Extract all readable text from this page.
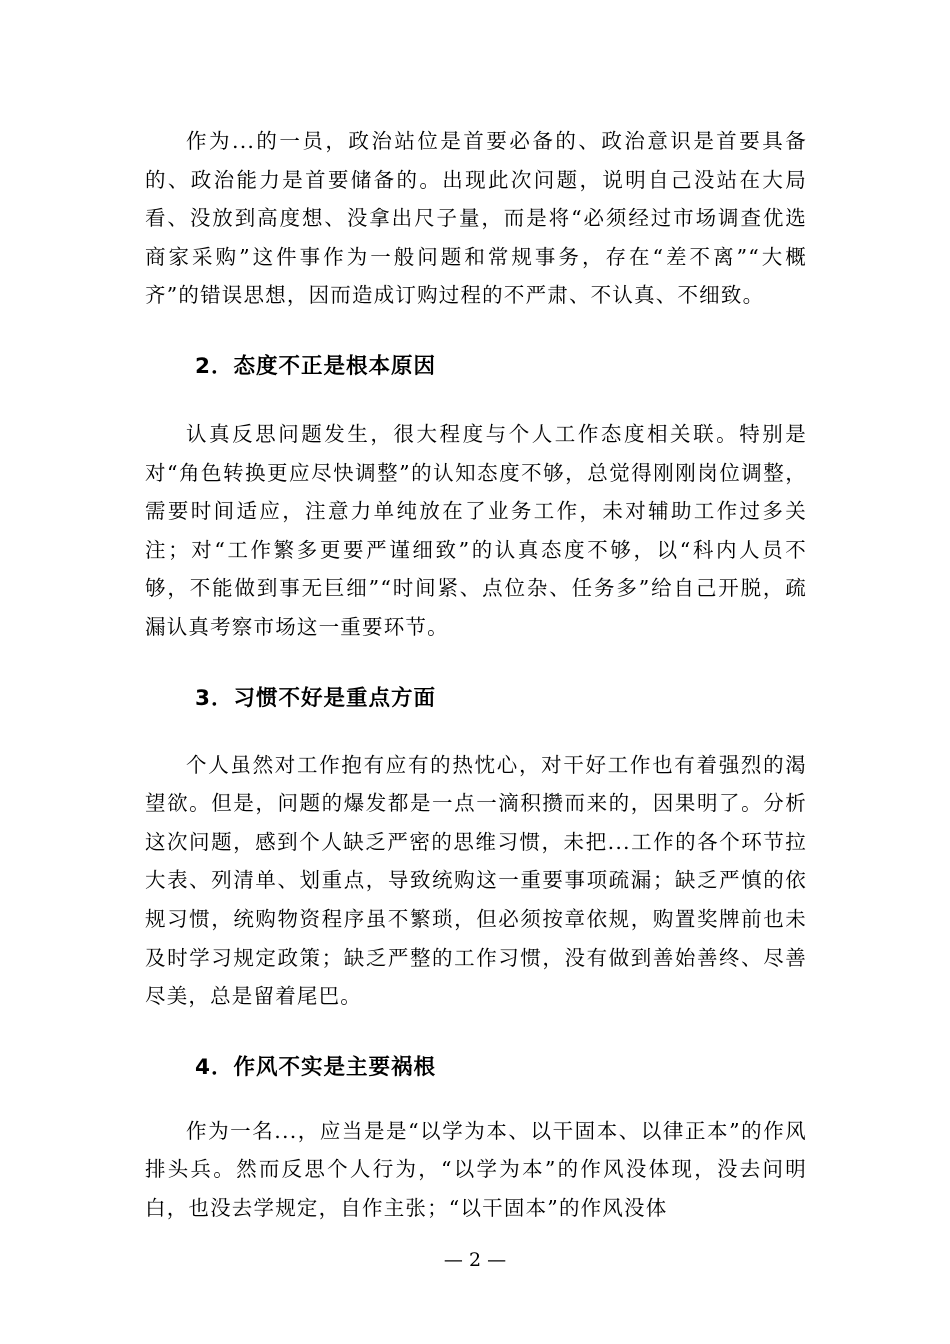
作为...的一员，政治站位是首要必备的、政治意识是首要具备的、政治能力是首要储备的。出现此次问题，说明自己没站在大局看、没放到高度想、没拿出尺子量，而是将“必须经过市场调查优选商家采购”这件事作为一般问题和常规事务，存在“差不离”“大概齐”的错误思想，因而造成订购过程的不严肃、不认真、不细致。

2．态度不正是根本原因

认真反思问题发生，很大程度与个人工作态度相关联。特别是对“角色转换更应尽快调整”的认知态度不够，总觉得刚刚岗位调整，需要时间适应，注意力单纯放在了业务工作，未对辅助工作过多关注；对“工作繁多更要严谨细致”的认真态度不够，以“科内人员不够，不能做到事无巨细”“时间紧、点位杂、任务多”给自己开脱，疏漏认真考察市场这一重要环节。

3．习惯不好是重点方面

个人虽然对工作抱有应有的热忱心，对干好工作也有着强烈的渴望欲。但是，问题的爆发都是一点一滴积攒而来的，因果明了。分析这次问题，感到个人缺乏严密的思维习惯，未把...工作的各个环节拉大表、列清单、划重点，导致统购这一重要事项疏漏；缺乏严慎的依规习惯，统购物资程序虽不繁琐，但必须按章依规，购置奖牌前也未及时学习规定政策；缺乏严整的工作习惯，没有做到善始善终、尽善尽美，总是留着尾巴。

4．作风不实是主要祸根

作为一名...，应当是是“以学为本、以干固本、以律正本”的作风排头兵。然而反思个人行为，“以学为本”的作风没体现，没去问明白，也没去学规定，自作主张；“以干固本”的作风没体

— 2 —
